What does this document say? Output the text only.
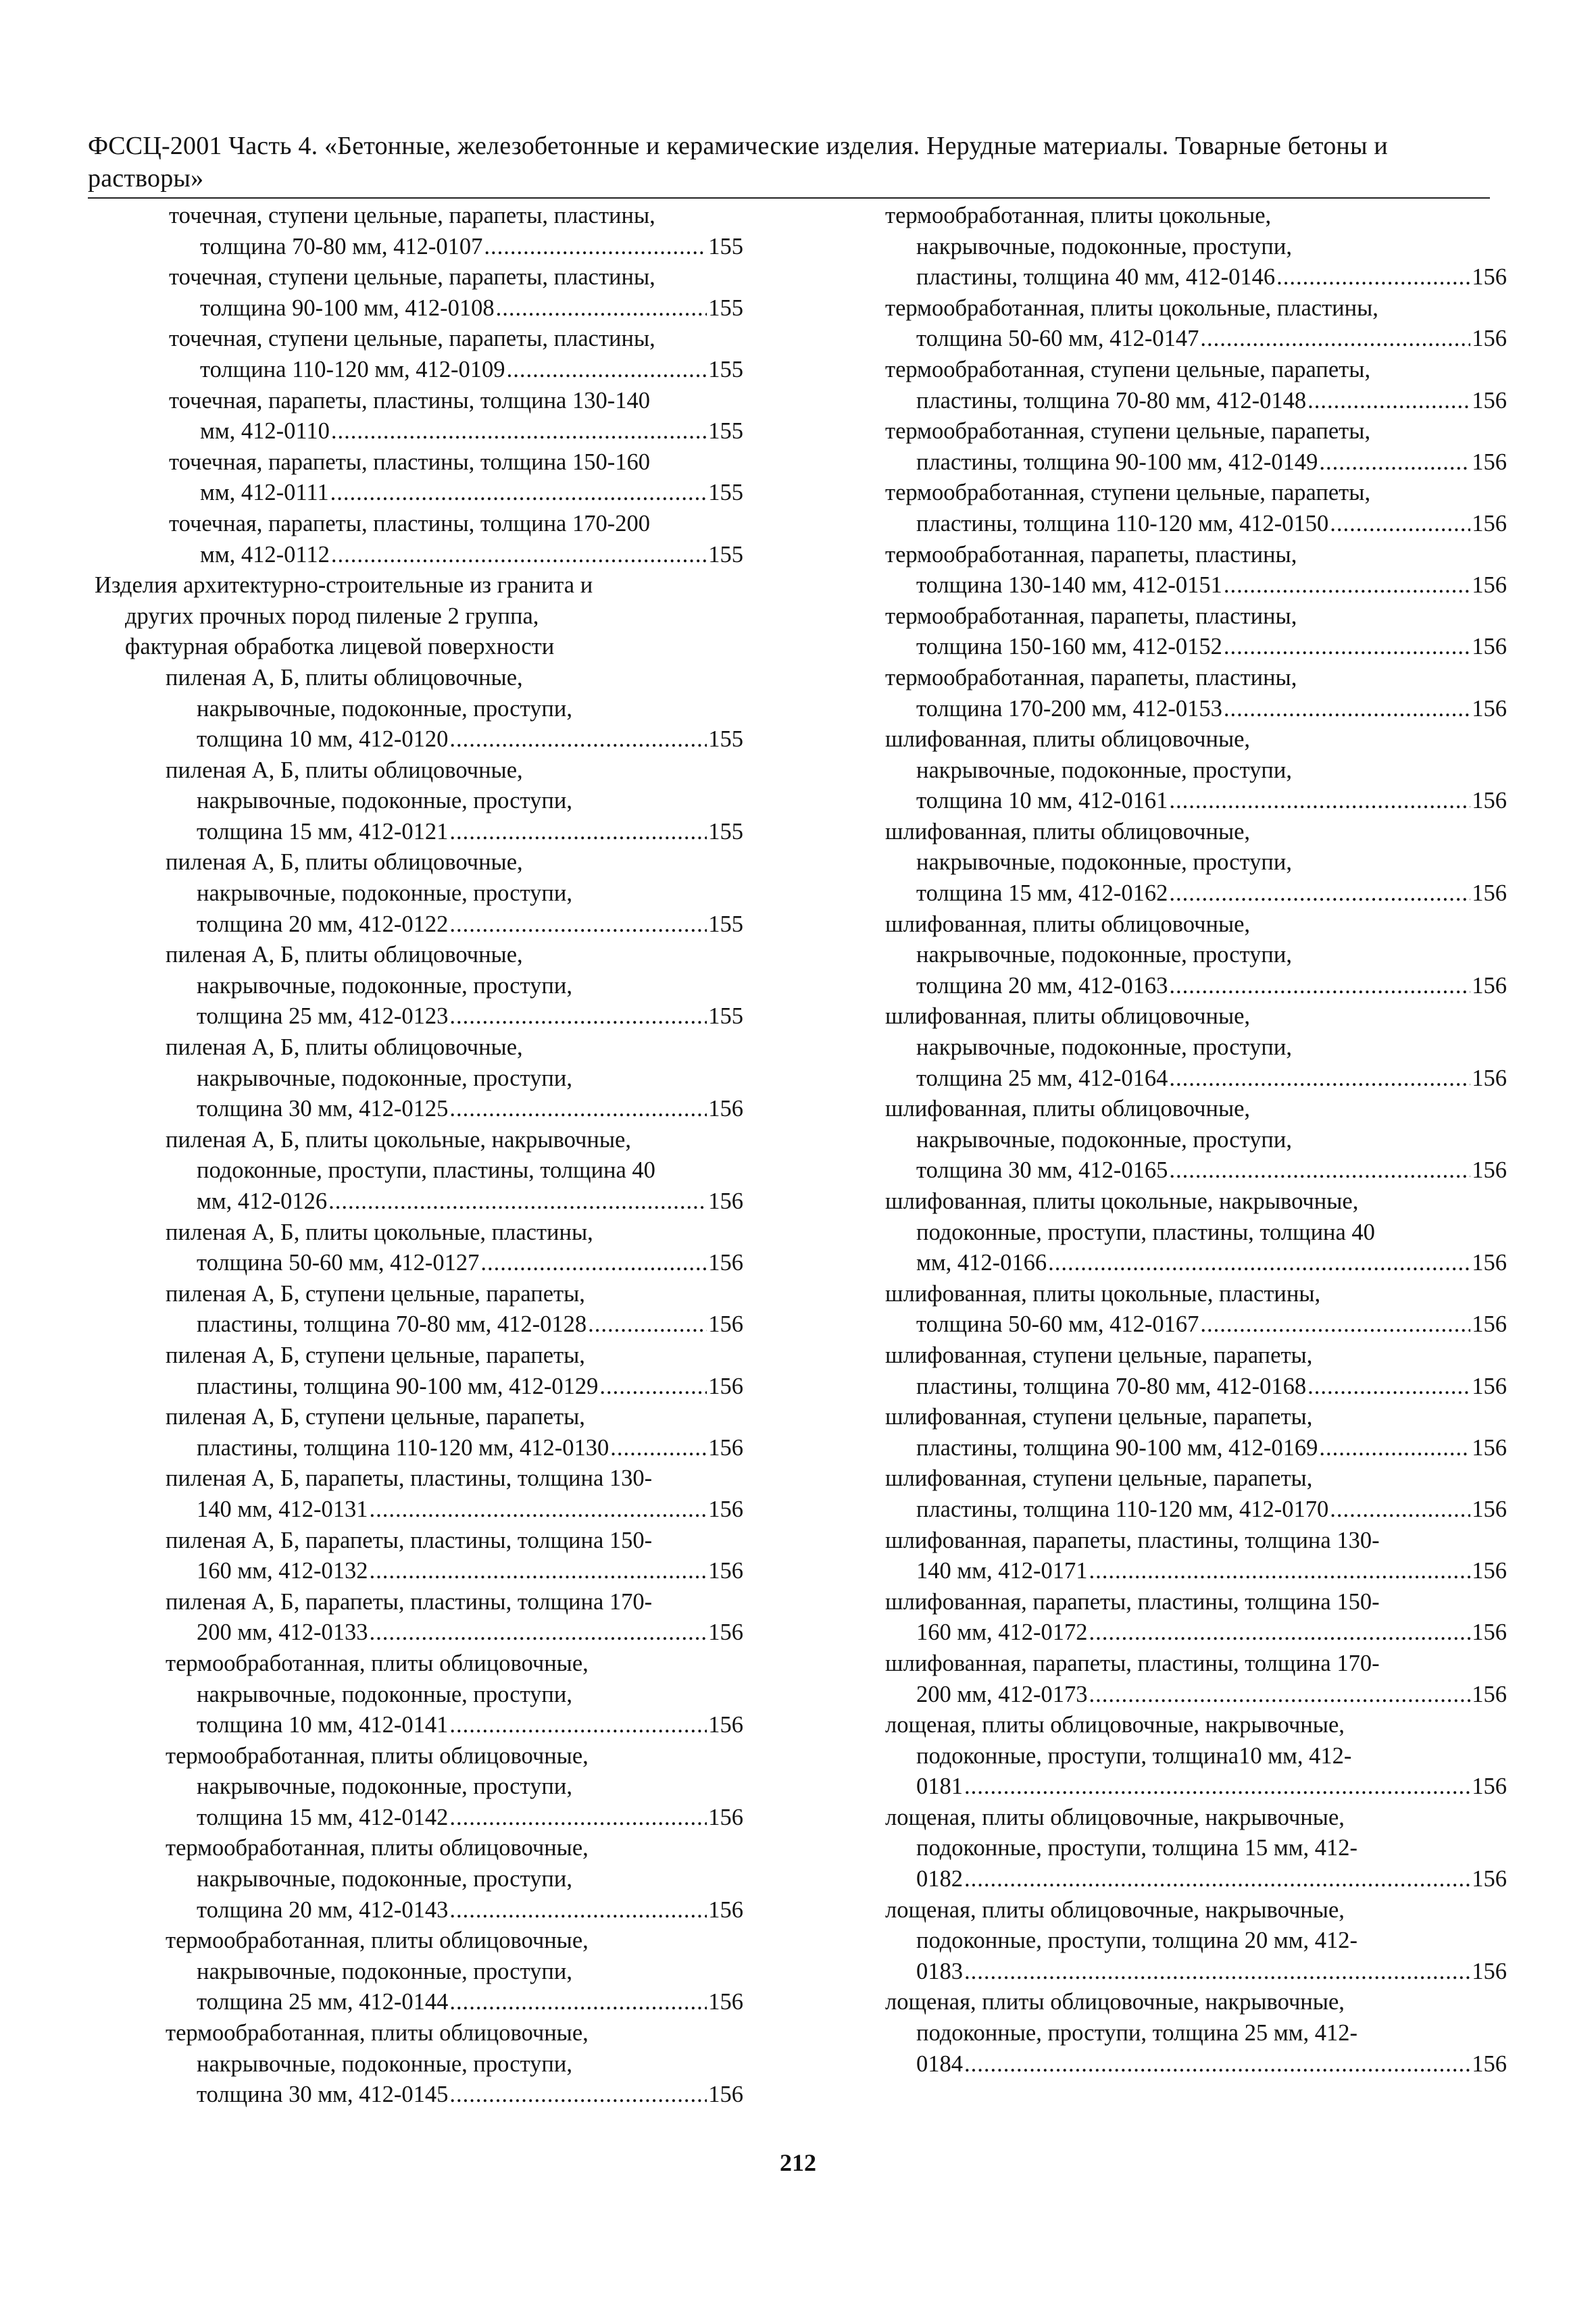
ФССЦ-2001 Часть 4. «Бетонные, железобетонные и керамические изделия. Нерудные материалы. Товарные бетоны и
растворы»
точечная, ступени цельные, парапеты, пластины,
толщина 70-80 мм, 412-0107 .....	155
точечная, ступени цельные, парапеты, пластины,
толщина 90-100 мм, 412-0108 .....	155
точечная, ступени цельные, парапеты, пластины,
толщина 110-120 мм, 412-0109 .....	155
точечная, парапеты, пластины, толщина 130-140
мм, 412-0110 .....	155
точечная, парапеты, пластины, толщина 150-160
мм, 412-0111 .....	155
точечная, парапеты, пластины, толщина 170-200
мм, 412-0112 .....	155
Изделия архитектурно-строительные из гранита и
других прочных пород пиленые 2 группа,
фактурная обработка лицевой поверхности
пиленая А, Б, плиты облицовочные,
накрывочные, подоконные, проступи,
толщина 10 мм, 412-0120 .....	155
пиленая А, Б, плиты облицовочные,
накрывочные, подоконные, проступи,
толщина 15 мм, 412-0121 .....	155
пиленая А, Б, плиты облицовочные,
накрывочные, подоконные, проступи,
толщина 20 мм, 412-0122 .....	155
пиленая А, Б, плиты облицовочные,
накрывочные, подоконные, проступи,
толщина 25 мм, 412-0123 .....	155
пиленая А, Б, плиты облицовочные,
накрывочные, подоконные, проступи,
толщина 30 мм, 412-0125 .....	156
пиленая А, Б, плиты цокольные, накрывочные,
подоконные, проступи, пластины, толщина 40
мм, 412-0126 .....	156
пиленая А, Б, плиты цокольные, пластины,
толщина 50-60 мм, 412-0127 .....	156
пиленая А, Б, ступени цельные, парапеты,
пластины, толщина 70-80 мм, 412-0128 .....	156
пиленая А, Б, ступени цельные, парапеты,
пластины, толщина 90-100 мм, 412-0129 .....	156
пиленая А, Б, ступени цельные, парапеты,
пластины, толщина 110-120 мм, 412-0130 .....	156
пиленая А, Б, парапеты, пластины, толщина 130-
140 мм, 412-0131 .....	156
пиленая А, Б, парапеты, пластины, толщина 150-
160 мм, 412-0132 .....	156
пиленая А, Б, парапеты, пластины, толщина 170-
200 мм, 412-0133 .....	156
термообработанная, плиты облицовочные,
накрывочные, подоконные, проступи,
толщина 10 мм, 412-0141 .....	156
термообработанная, плиты облицовочные,
накрывочные, подоконные, проступи,
толщина 15 мм, 412-0142 .....	156
термообработанная, плиты облицовочные,
накрывочные, подоконные, проступи,
толщина 20 мм, 412-0143 .....	156
термообработанная, плиты облицовочные,
накрывочные, подоконные, проступи,
толщина 25 мм, 412-0144 .....	156
термообработанная, плиты облицовочные,
накрывочные, подоконные, проступи,
толщина 30 мм, 412-0145 .....	156
термообработанная, плиты цокольные,
накрывочные, подоконные, проступи,
пластины, толщина 40 мм, 412-0146 .....	156
термообработанная, плиты цокольные, пластины,
толщина 50-60 мм, 412-0147 .....	156
термообработанная, ступени цельные, парапеты,
пластины, толщина 70-80 мм, 412-0148 .....	156
термообработанная, ступени цельные, парапеты,
пластины, толщина 90-100 мм, 412-0149 .....	156
термообработанная, ступени цельные, парапеты,
пластины, толщина 110-120 мм, 412-0150 .....	156
термообработанная, парапеты, пластины,
толщина 130-140 мм, 412-0151 .....	156
термообработанная, парапеты, пластины,
толщина 150-160 мм, 412-0152 .....	156
термообработанная, парапеты, пластины,
толщина 170-200 мм, 412-0153 .....	156
шлифованная, плиты облицовочные,
накрывочные, подоконные, проступи,
толщина 10 мм, 412-0161 .....	156
шлифованная, плиты облицовочные,
накрывочные, подоконные, проступи,
толщина 15 мм, 412-0162 .....	156
шлифованная, плиты облицовочные,
накрывочные, подоконные, проступи,
толщина 20 мм, 412-0163 .....	156
шлифованная, плиты облицовочные,
накрывочные, подоконные, проступи,
толщина 25 мм, 412-0164 .....	156
шлифованная, плиты облицовочные,
накрывочные, подоконные, проступи,
толщина 30 мм, 412-0165 .....	156
шлифованная, плиты цокольные, накрывочные,
подоконные, проступи, пластины, толщина 40
мм, 412-0166 .....	156
шлифованная, плиты цокольные, пластины,
толщина 50-60 мм, 412-0167 .....	156
шлифованная, ступени цельные, парапеты,
пластины, толщина 70-80 мм, 412-0168 .....	156
шлифованная, ступени цельные, парапеты,
пластины, толщина 90-100 мм, 412-0169 .....	156
шлифованная, ступени цельные, парапеты,
пластины, толщина 110-120 мм, 412-0170 .....	156
шлифованная, парапеты, пластины, толщина 130-
140 мм, 412-0171 .....	156
шлифованная, парапеты, пластины, толщина 150-
160 мм, 412-0172 .....	156
шлифованная, парапеты, пластины, толщина 170-
200 мм, 412-0173 .....	156
лощеная, плиты облицовочные, накрывочные,
подоконные, проступи, толщина10 мм, 412-
0181 .....	156
лощеная, плиты облицовочные, накрывочные,
подоконные, проступи, толщина 15 мм, 412-
0182 .....	156
лощеная, плиты облицовочные, накрывочные,
подоконные, проступи, толщина 20 мм, 412-
0183 .....	156
лощеная, плиты облицовочные, накрывочные,
подоконные, проступи, толщина 25 мм, 412-
0184 .....	156
212
